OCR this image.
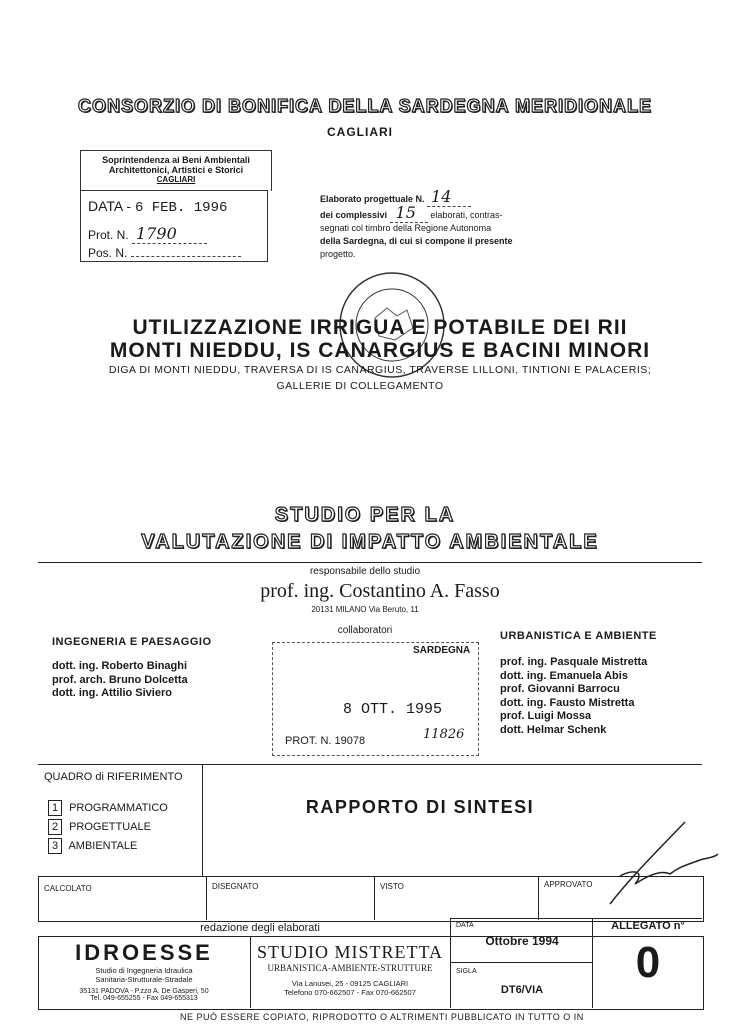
CONSORZIO DI BONIFICA DELLA SARDEGNA MERIDIONALE
CAGLIARI
Soprintendenza ai Beni Ambientali
Architettonici, Artistici e Storici
CAGLIARI
DATA - 6 FEB. 1996
Prot. N. 1790
Pos. N.
Elaborato progettuale N. 14
dei complessivi 15 elaborati, contras-
segnati col timbro della Regione Autonoma
della Sardegna, di cui si compone il presente
progetto.
UTILIZZAZIONE IRRIGUA E POTABILE DEI RII
MONTI NIEDDU, IS CANARGIUS E BACINI MINORI
DIGA DI MONTI NIEDDU, TRAVERSA DI IS CANARGIUS, TRAVERSE LILLONI, TINTIONI E PALACERIS;
GALLERIE DI COLLEGAMENTO
STUDIO PER LA
VALUTAZIONE DI IMPATTO AMBIENTALE
responsabile dello studio
prof. ing. Costantino A. Fasso
20131 MILANO Via Beruto, 11
collaboratori
INGEGNERIA E PAESAGGIO
dott. ing. Roberto Binaghi
prof. arch. Bruno Dolcetta
dott. ing. Attilio Siviero
URBANISTICA E AMBIENTE
prof. ing. Pasquale Mistretta
dott. ing. Emanuela Abis
prof. Giovanni Barrocu
dott. ing. Fausto Mistretta
prof. Luigi Mossa
dott. Helmar Schenk
SARDEGNA
8 OTT. 1995
PROT. N. 19078	11826
QUADRO di RIFERIMENTO
1 PROGRAMMATICO
2 PROGETTUALE
3 AMBIENTALE
RAPPORTO DI SINTESI
CALCOLATO	DISEGNATO	VISTO	APPROVATO
redazione degli elaborati
IDROESSE
Studio di Ingegneria Idraulica
Sanitaria-Strutturale-Stradale
35131 PADOVA - P.zzo A. De Gasperi, 50
Tel. 049-655255 - Fax 049-655313
STUDIO MISTRETTA
URBANISTICA-AMBIENTE-STRUTTURE
Via Lanusei, 25 - 09125 CAGLIARI
Telefono 070-662507 - Fax 070-662507
DATA
Ottobre 1994
SIGLA
DT6/VIA
ALLEGATO n°
0
NE PUÒ ESSERE COPIATO, RIPRODOTTO O ALTRIMENTI PUBBLICATO IN TUTTO O IN
